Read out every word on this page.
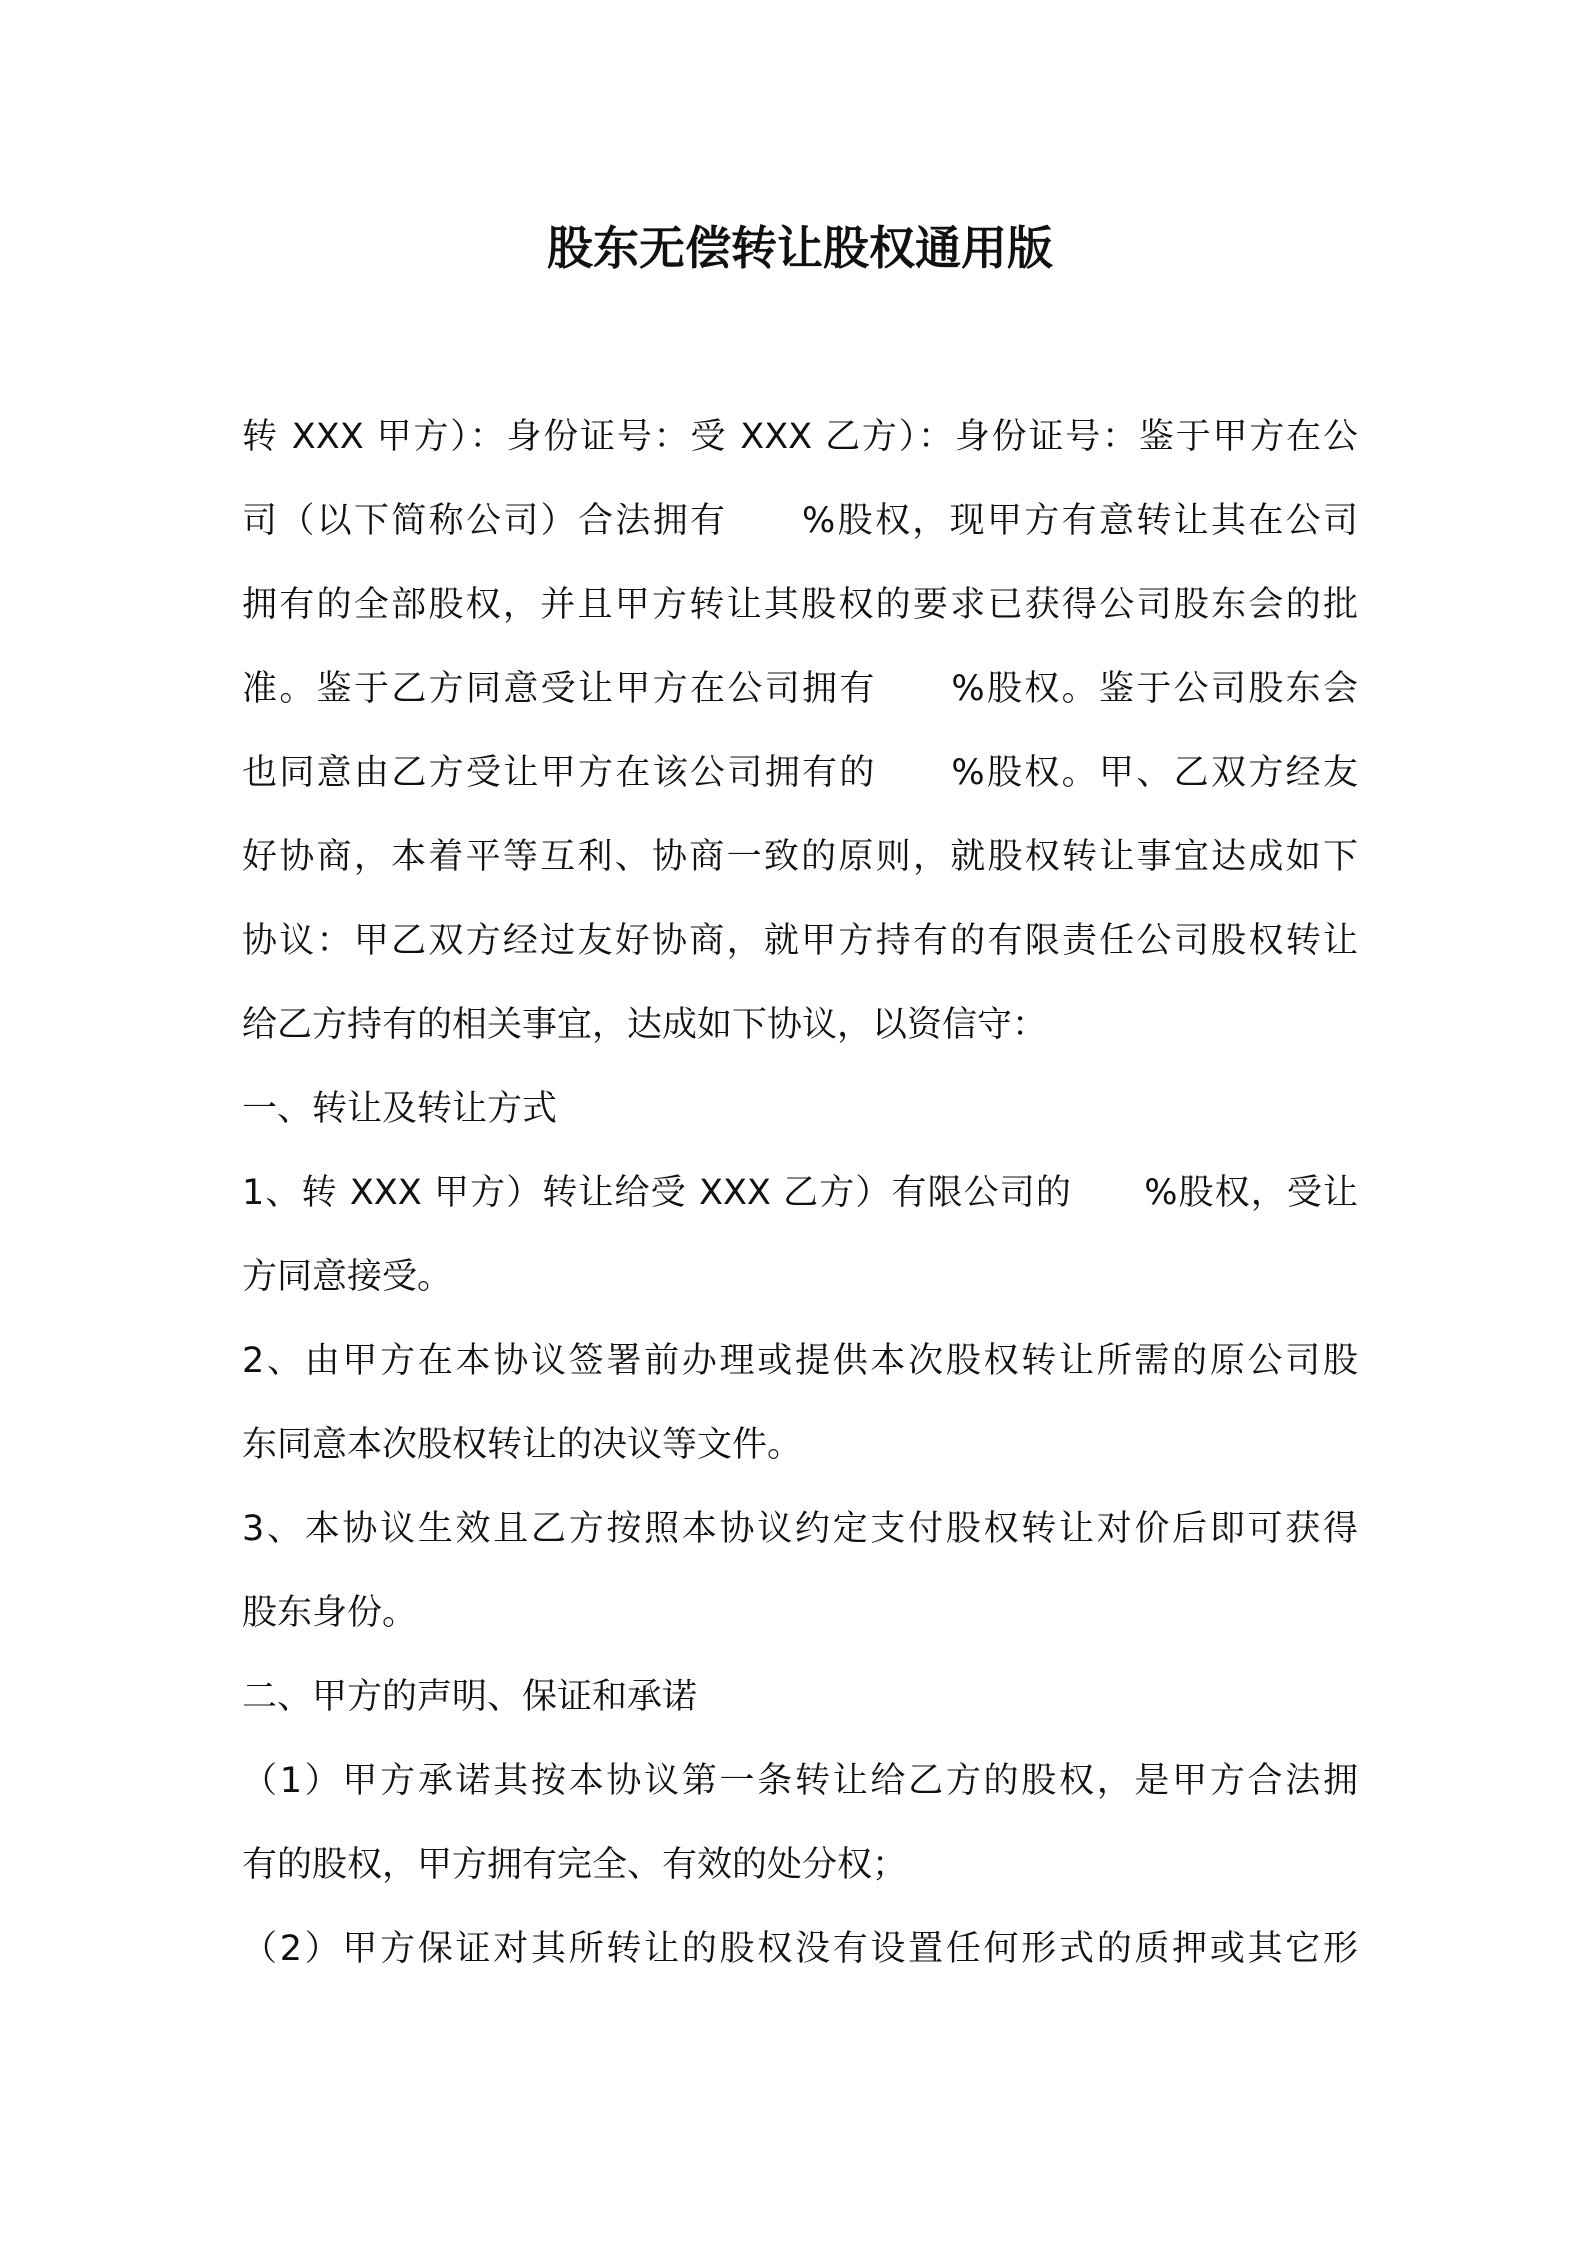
股东无偿转让股权通用版
转 XXX 甲方）：身份证号：受 XXX 乙方）：身份证号：鉴于甲方在公
司（以下简称公司）合法拥有　　%股权，现甲方有意转让其在公司
拥有的全部股权，并且甲方转让其股权的要求已获得公司股东会的批
准。鉴于乙方同意受让甲方在公司拥有　　%股权。鉴于公司股东会
也同意由乙方受让甲方在该公司拥有的　　%股权。甲、乙双方经友
好协商，本着平等互利、协商一致的原则，就股权转让事宜达成如下
协议：甲乙双方经过友好协商，就甲方持有的有限责任公司股权转让
给乙方持有的相关事宜，达成如下协议，以资信守：
一、转让及转让方式
1、转 XXX 甲方）转让给受 XXX 乙方）有限公司的　　%股权，受让
方同意接受。
2、由甲方在本协议签署前办理或提供本次股权转让所需的原公司股
东同意本次股权转让的决议等文件。
3、本协议生效且乙方按照本协议约定支付股权转让对价后即可获得
股东身份。
二、甲方的声明、保证和承诺
（1）甲方承诺其按本协议第一条转让给乙方的股权，是甲方合法拥
有的股权，甲方拥有完全、有效的处分权；
（2）甲方保证对其所转让的股权没有设置任何形式的质押或其它形
